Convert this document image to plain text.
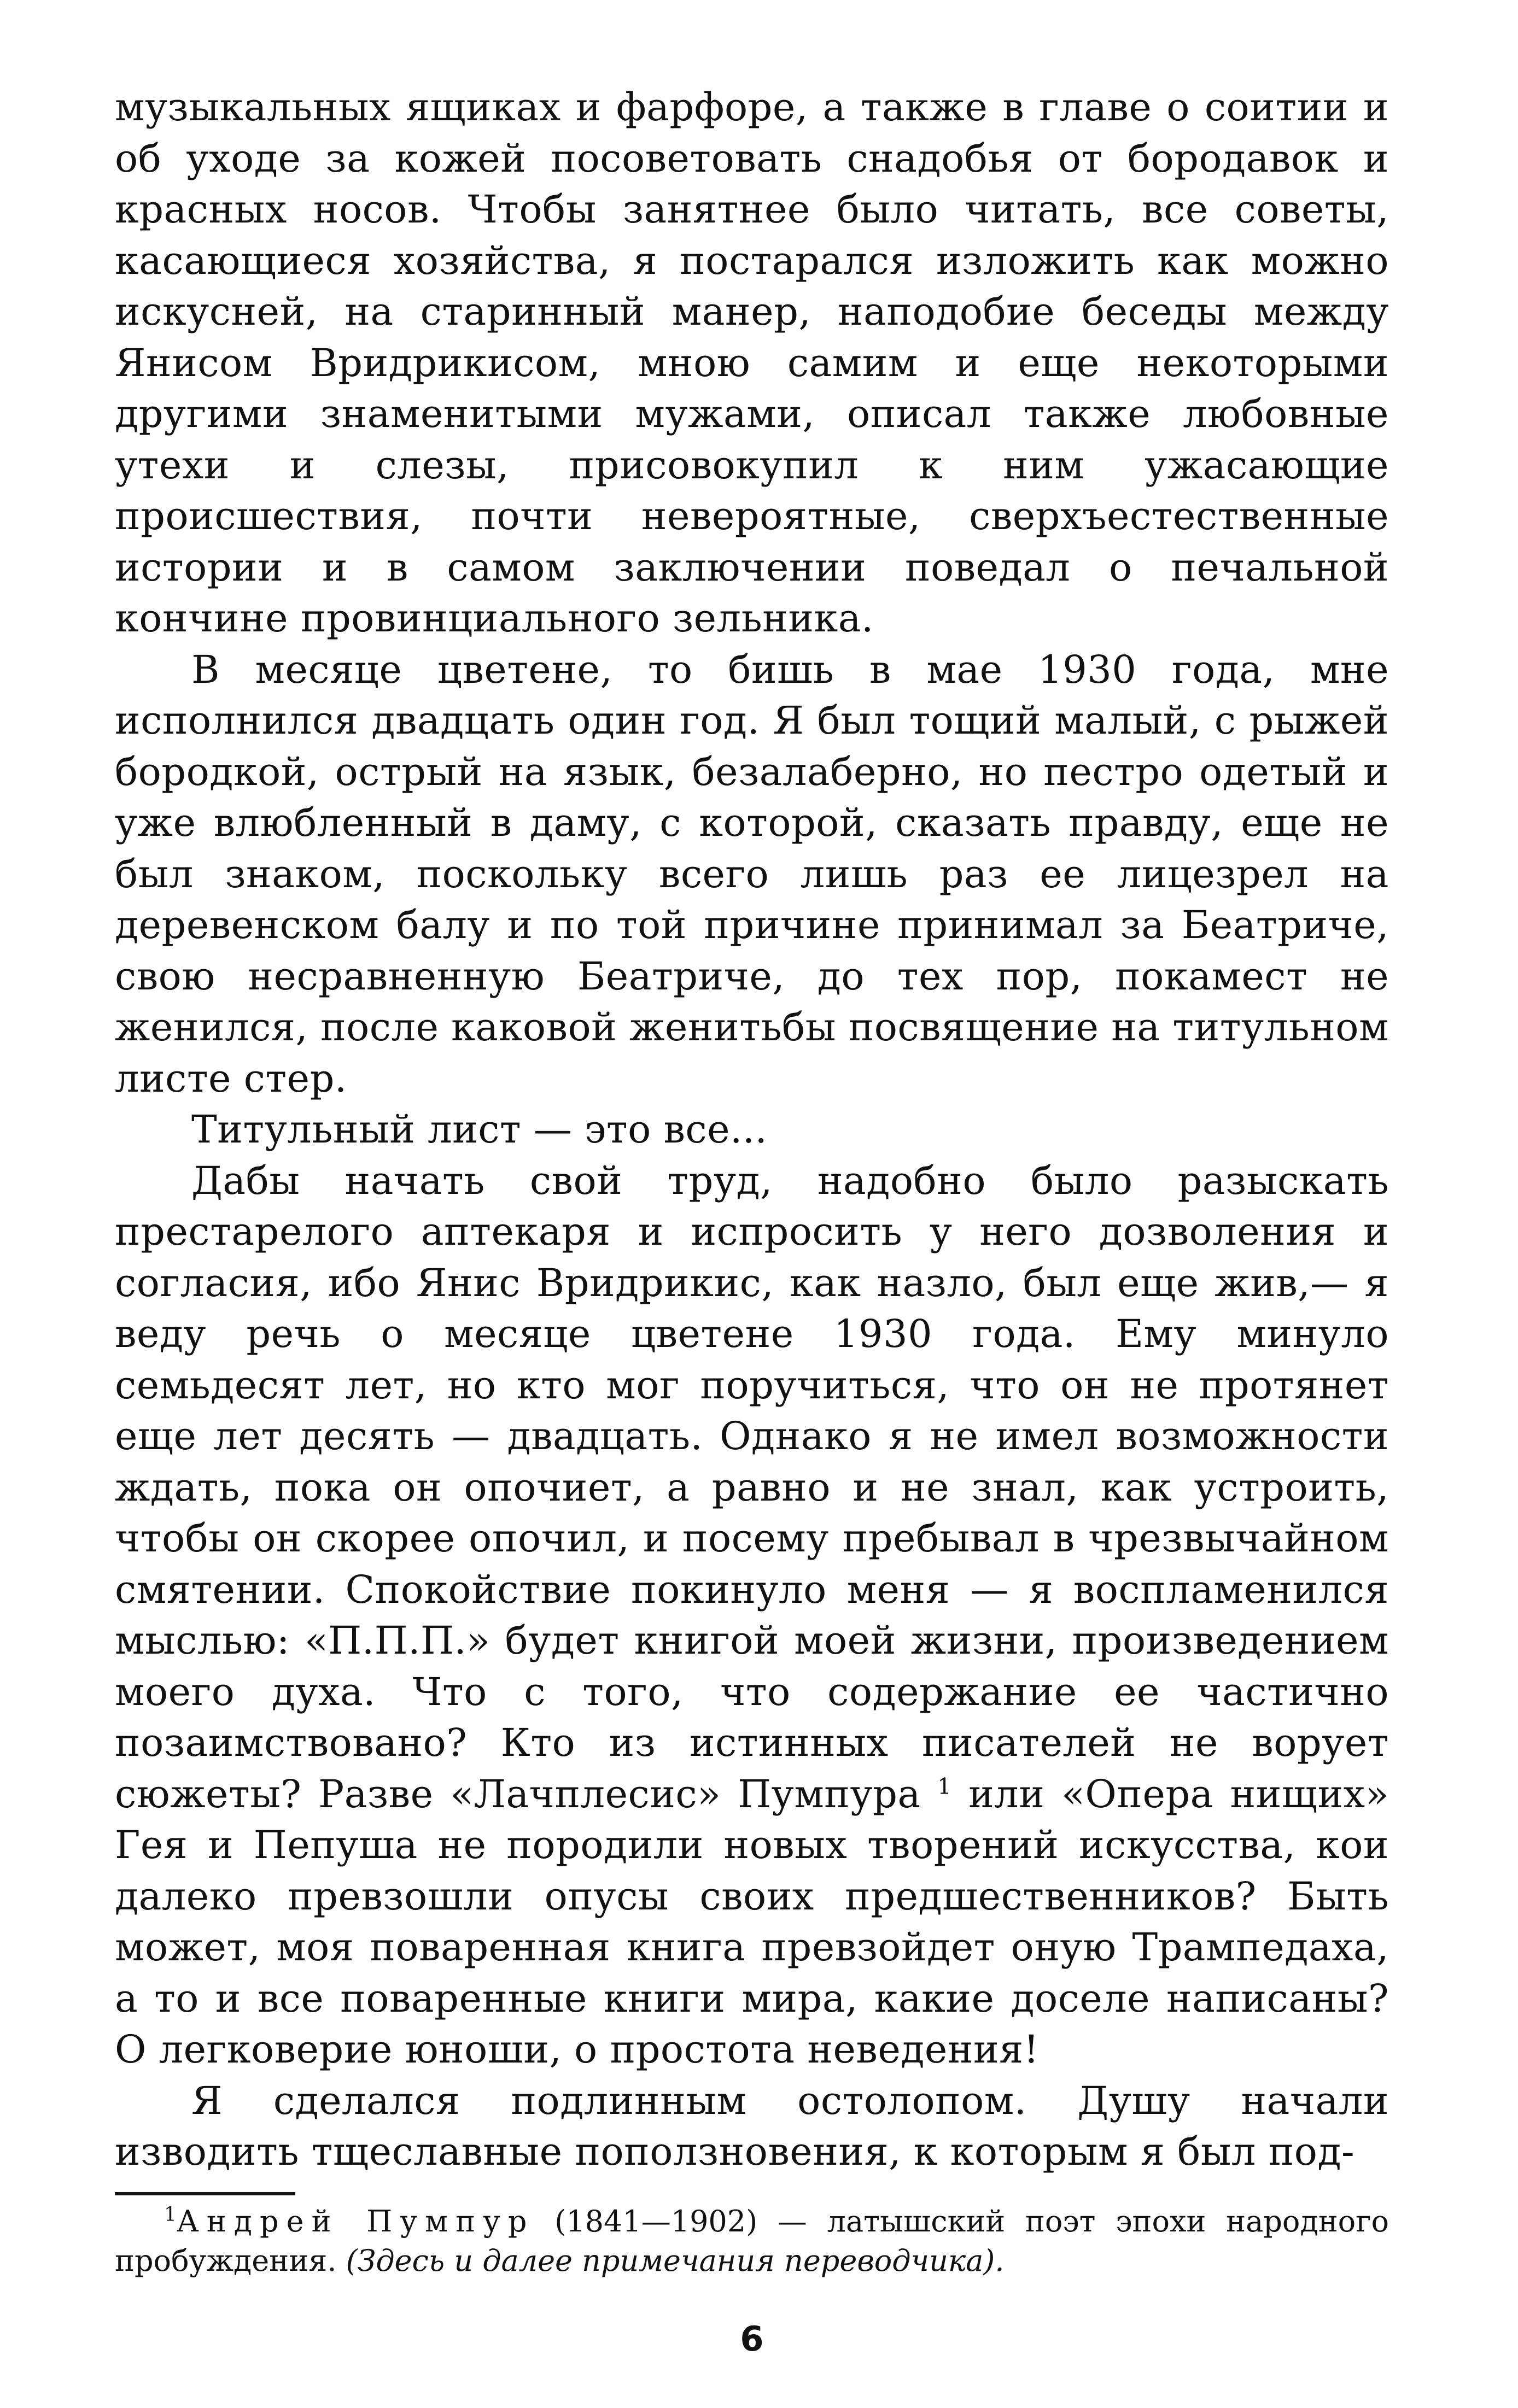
музыкальных ящиках и фарфоре, а также в главе о соитии и об уходе за кожей посоветовать снадобья от бородавок и красных носов. Чтобы занятнее было читать, все советы, касающиеся хозяйства, я постарался изложить как можно искусней, на старинный манер, наподобие беседы между Янисом Вридрикисом, мною самим и еще некоторыми другими знаменитыми мужами, описал также любовные утехи и слезы, присовокупил к ним ужасающие происшествия, почти невероятные, сверхъестественные истории и в самом заключении поведал о печальной кончине провинциального зельника.

В месяце цветене, то бишь в мае 1930 года, мне исполнился двадцать один год. Я был тощий малый, с рыжей бородкой, острый на язык, безалаберно, но пестро одетый и уже влюбленный в даму, с которой, сказать правду, еще не был знаком, поскольку всего лишь раз ее лицезрел на деревенском балу и по той причине принимал за Беатриче, свою несравненную Беатриче, до тех пор, покамест не женился, после каковой женитьбы посвящение на титульном листе стер.

Титульный лист — это все...

Дабы начать свой труд, надобно было разыскать престарелого аптекаря и испросить у него дозволения и согласия, ибо Янис Вридрикис, как назло, был еще жив,— я веду речь о месяце цветене 1930 года. Ему минуло семьдесят лет, но кто мог поручиться, что он не протянет еще лет десять — двадцать. Однако я не имел возможности ждать, пока он опочиет, а равно и не знал, как устроить, чтобы он скорее опочил, и посему пребывал в чрезвычайном смятении. Спокойствие покинуло меня — я воспламенился мыслью: «П.П.П.» будет книгой моей жизни, произведением моего духа. Что с того, что содержание ее частично позаимствовано? Кто из истинных писателей не ворует сюжеты? Разве «Лачплесис» Пумпура $^1$ или «Опера нищих» Гея и Пепуша не породили новых творений искусства, кои далеко превзошли опусы своих предшественников? Быть может, моя поваренная книга превзойдет оную Трампедаха, а то и все поваренные книги мира, какие доселе написаны? О легковерие юноши, о простота неведения!

Я сделался подлинным остолопом. Душу начали изводить тщеславные поползновения, к которым я был под-

$^1$Андрей Пумпур (1841—1902) — латышский поэт эпохи народного пробуждения. (Здесь и далее примечания переводчика).

6
